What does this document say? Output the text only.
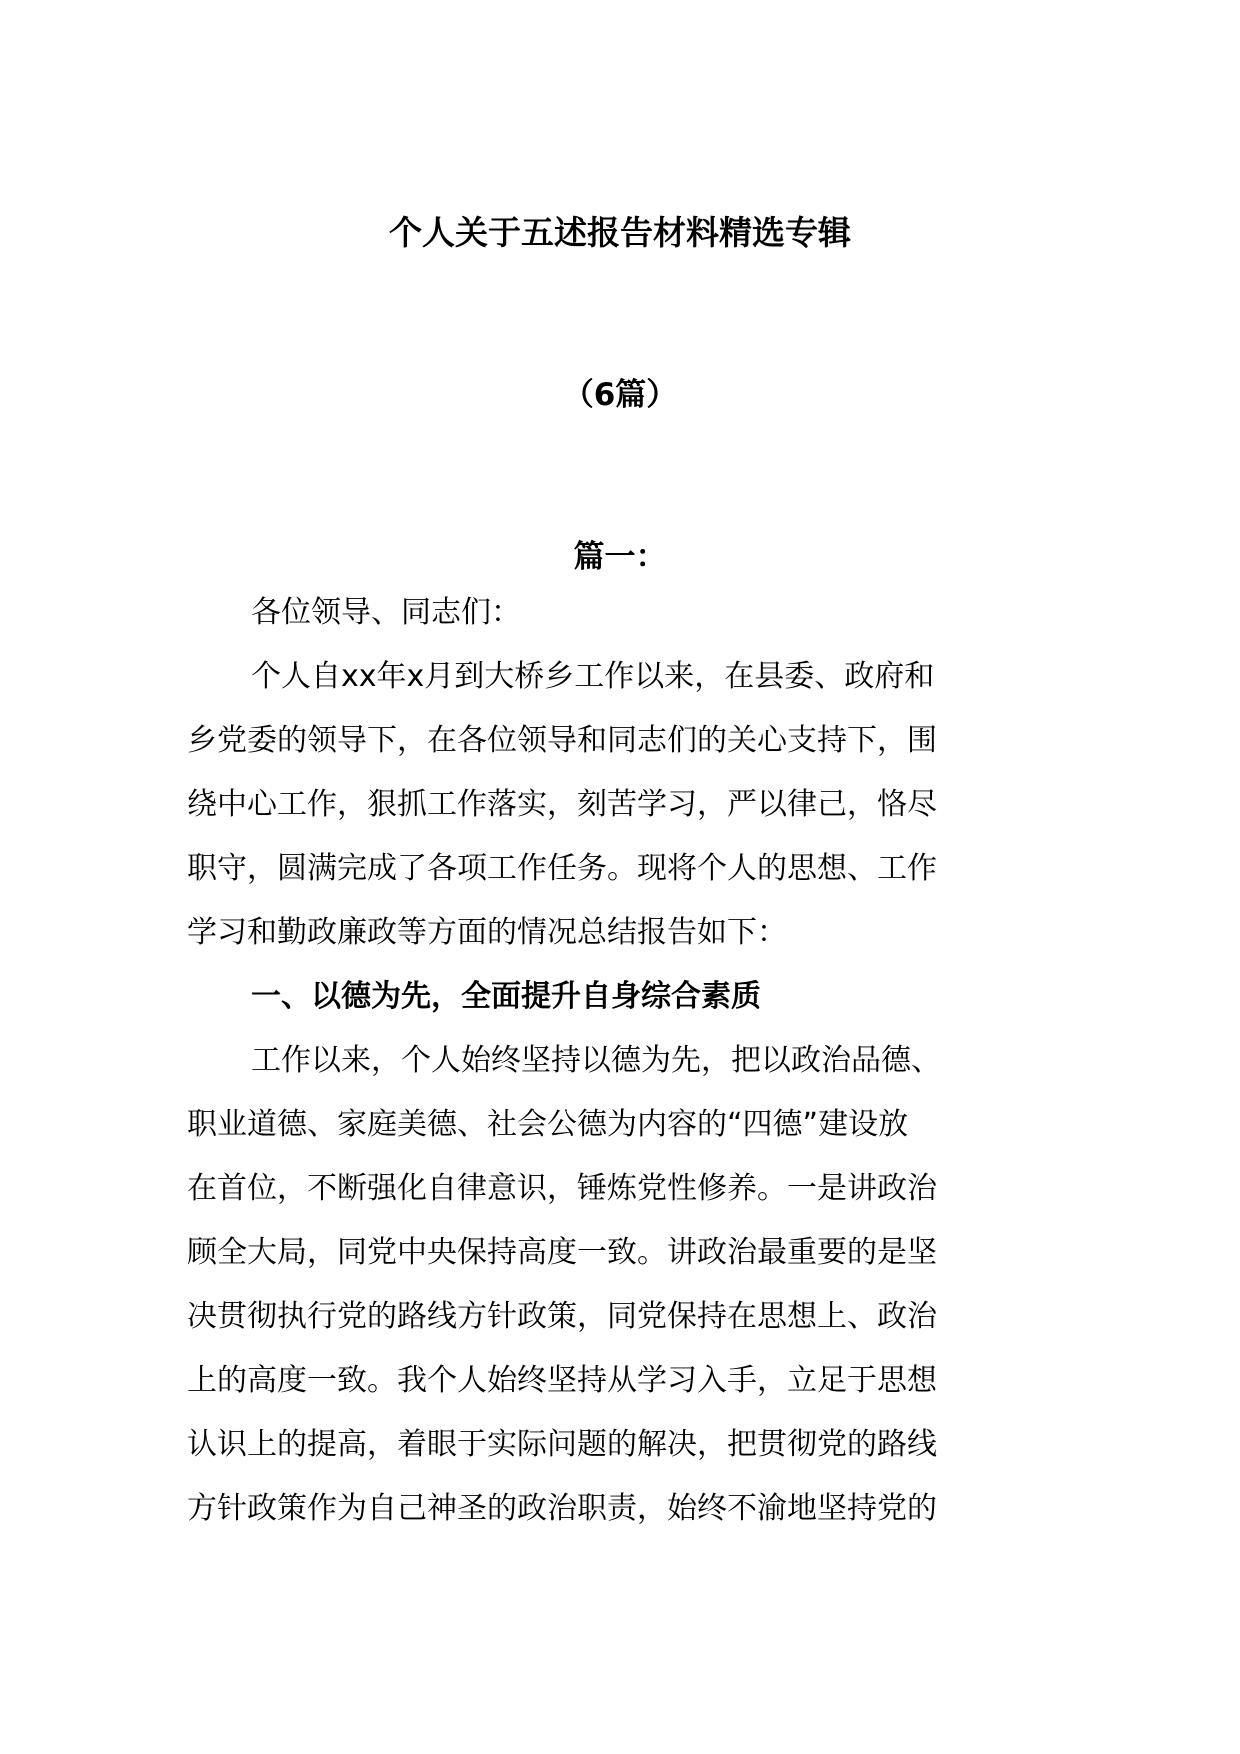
个人关于五述报告材料精选专辑
（6篇）
篇一：

各位领导、同志们：

个人自xx年x月到大桥乡工作以来，在县委、政府和

乡党委的领导下，在各位领导和同志们的关心支持下，围

绕中心工作，狠抓工作落实，刻苦学习，严以律己，恪尽

职守，圆满完成了各项工作任务。现将个人的思想、工作

学习和勤政廉政等方面的情况总结报告如下：

一、以德为先，全面提升自身综合素质

工作以来，个人始终坚持以德为先，把以政治品德、

职业道德、家庭美德、社会公德为内容的“四德”建设放

在首位，不断强化自律意识，锤炼党性修养。一是讲政治

顾全大局，同党中央保持高度一致。讲政治最重要的是坚

决贯彻执行党的路线方针政策，同党保持在思想上、政治

上的高度一致。我个人始终坚持从学习入手，立足于思想

认识上的提高，着眼于实际问题的解决，把贯彻党的路线

方针政策作为自己神圣的政治职责，始终不渝地坚持党的
